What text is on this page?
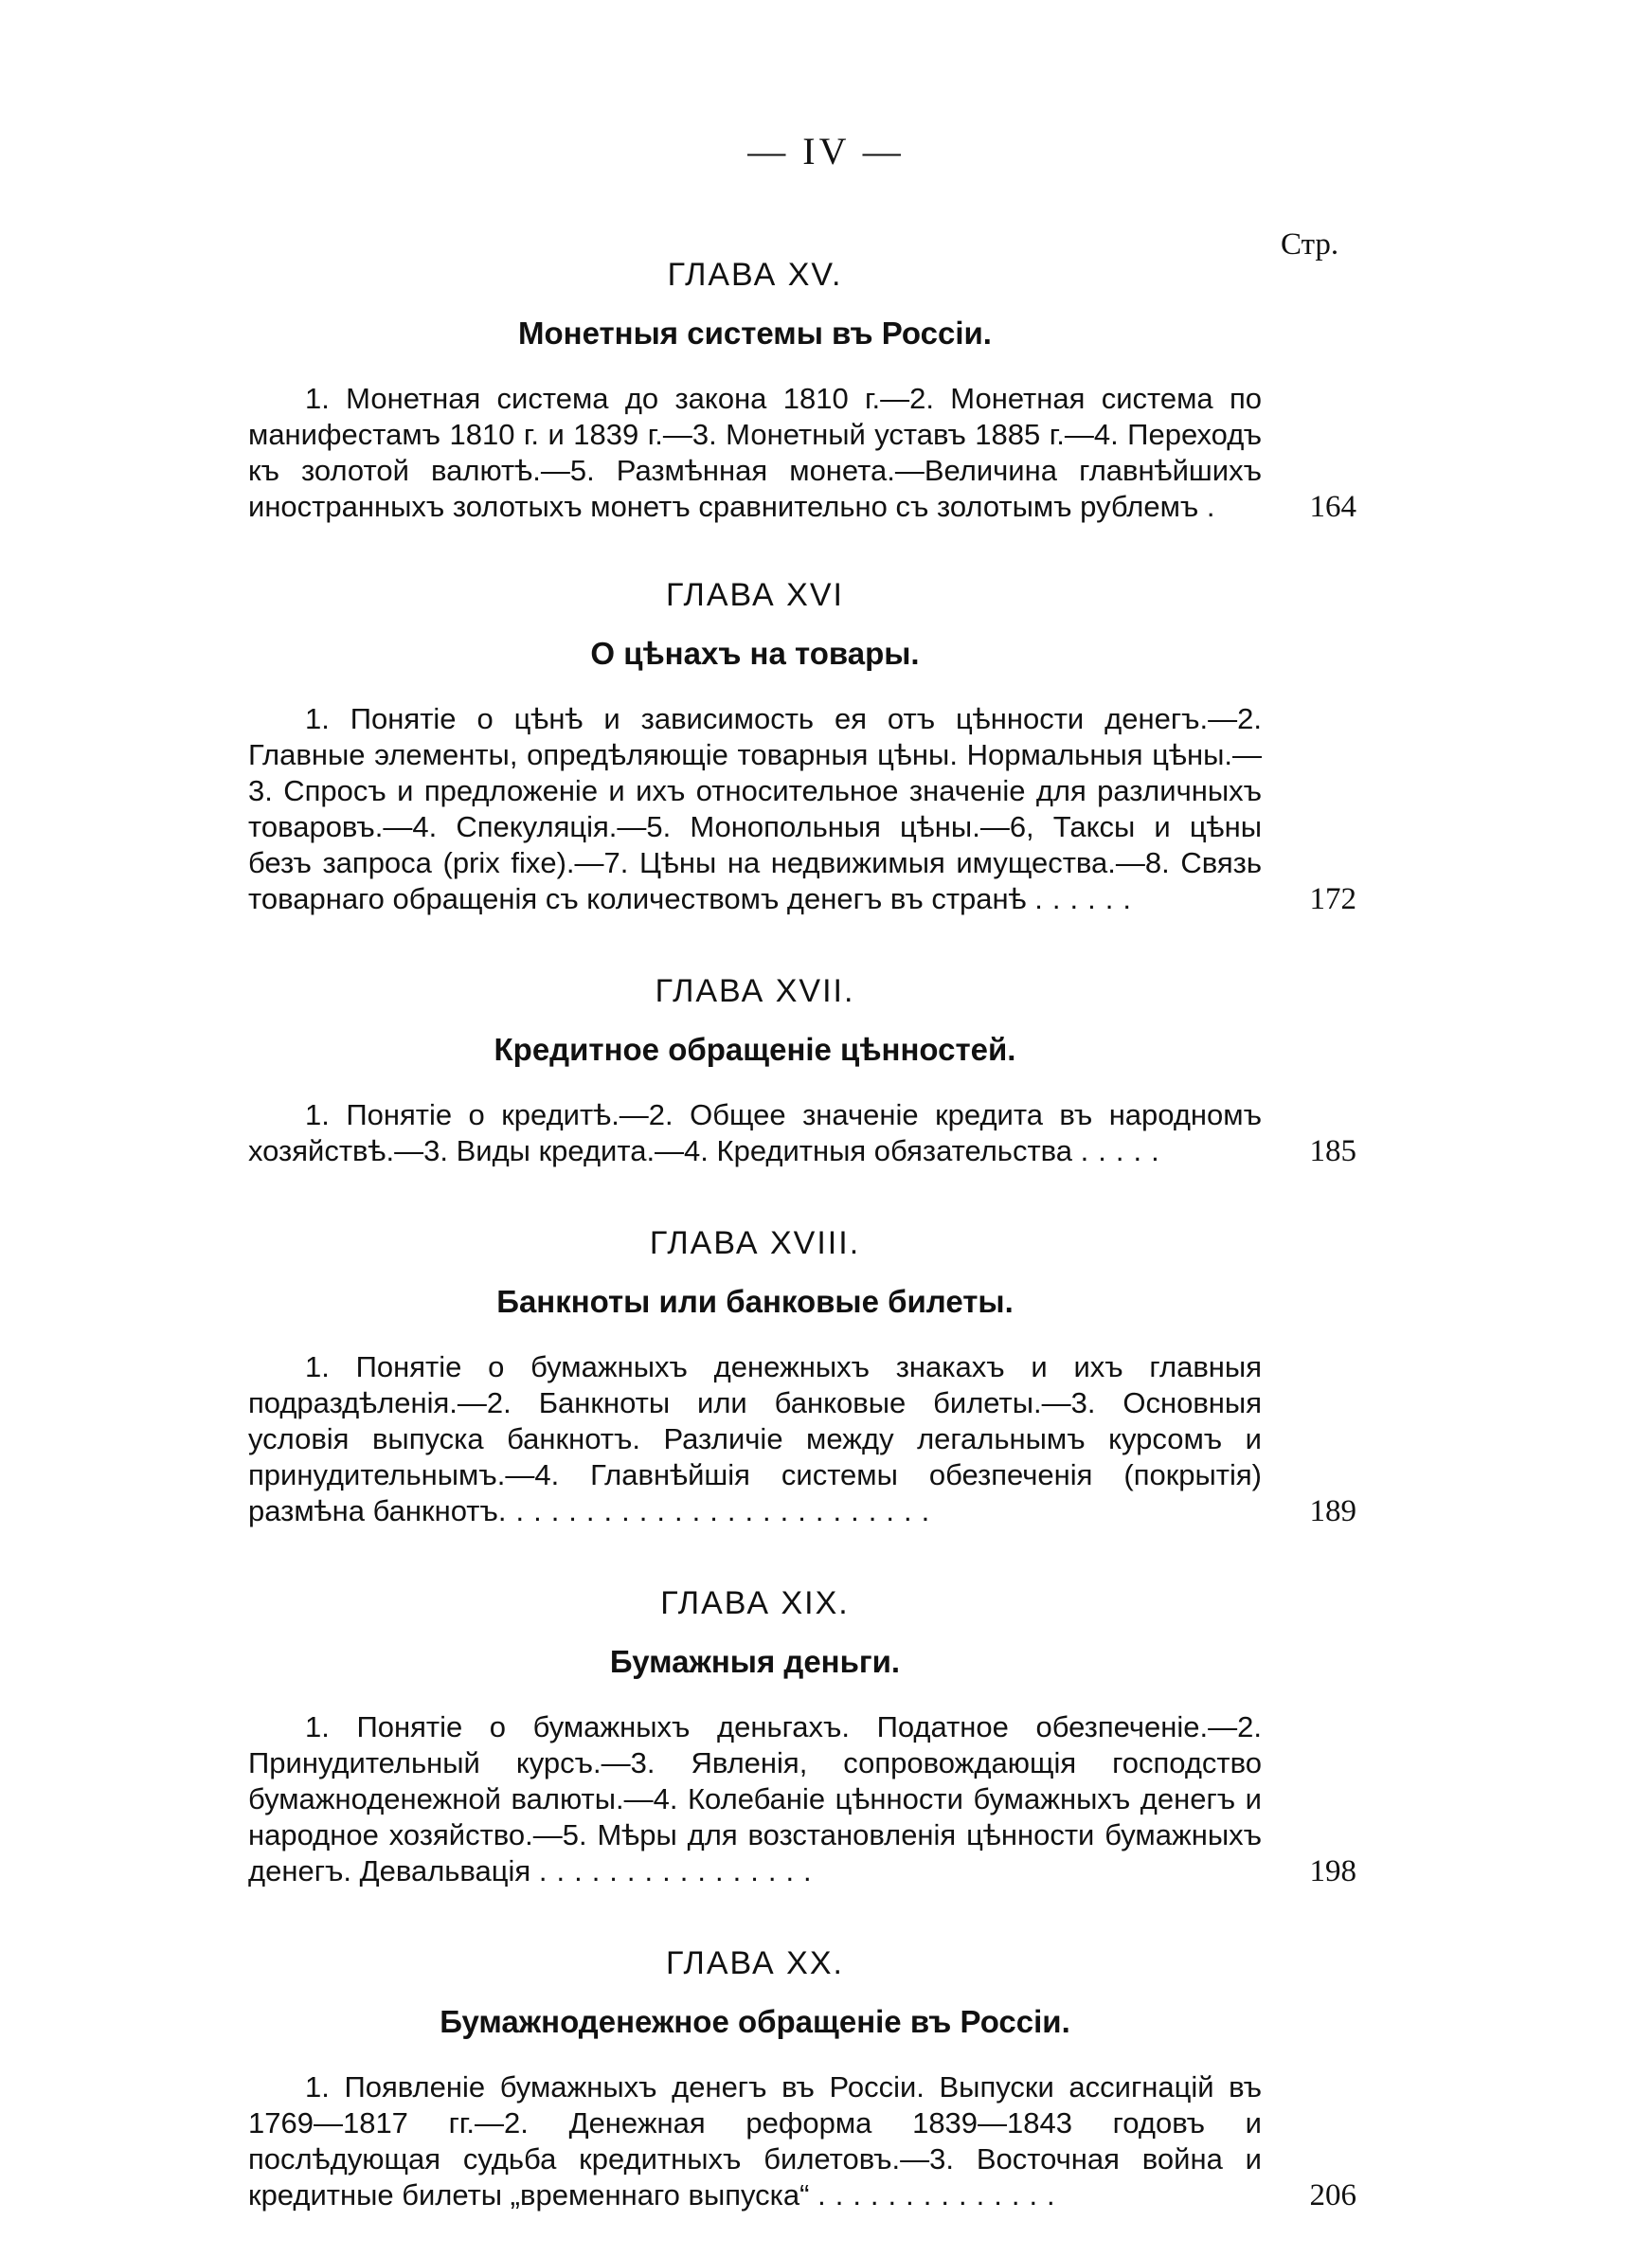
— IV —
Стр.
ГЛАВА XV.
Монетныя системы въ Россіи.
1. Монетная система до закона 1810 г.—2. Монетная система по манифестамъ 1810 г. и 1839 г.—3. Монетный уставъ 1885 г.—4. Переходъ къ золотой валютѣ.—5. Размѣнная монета.—Величина главнѣйшихъ иностранныхъ золотыхъ монетъ сравнительно съ золотымъ рублемъ .	164
ГЛАВА XVI
О цѣнахъ на товары.
1. Понятіе о цѣнѣ и зависимость ея отъ цѣнности денегъ.—2. Главные элементы, опредѣляющіе товарныя цѣны. Нормальныя цѣны.—3. Спросъ и предложеніе и ихъ относительное значеніе для различныхъ товаровъ.—4. Спекуляція.—5. Монопольныя цѣны.—6, Таксы и цѣны безъ запроса (prix fixe).—7. Цѣны на недвижимыя имущества.—8. Связь товарнаго обращенія съ количествомъ денегъ въ странѣ ......	172
ГЛАВА XVII.
Кредитное обращеніе цѣнностей.
1. Понятіе о кредитѣ.—2. Общее значеніе кредита въ народномъ хозяйствѣ.—3. Виды кредита.—4. Кредитныя обязательства .....	185
ГЛАВА XVIII.
Банкноты или банковые билеты.
1. Понятіе о бумажныхъ денежныхъ знакахъ и ихъ главныя подраздѣленія.—2. Банкноты или банковые билеты.—3. Основныя условія выпуска банкнотъ. Различіе между легальнымъ курсомъ и принудительнымъ.—4. Главнѣйшія системы обезпеченія (покрытія) размѣна банкнотъ.........................	189
ГЛАВА XIX.
Бумажныя деньги.
1. Понятіе о бумажныхъ деньгахъ. Податное обезпеченіе.—2. Принудительный курсъ.—3. Явленія, сопровождающія господство бумажноденежной валюты.—4. Колебаніе цѣнности бумажныхъ денегъ и народное хозяйство.—5. Мѣры для возстановленія цѣнности бумажныхъ денегъ. Девальвація ................	198
ГЛАВА XX.
Бумажноденежное обращеніе въ Россіи.
1. Появленіе бумажныхъ денегъ въ Россіи. Выпуски ассигнацій въ 1769—1817 гг.—2. Денежная реформа 1839—1843 годовъ и послѣдующая судьба кредитныхъ билетовъ.—3. Восточная война и кредитные билеты „временнаго выпуска“ ..............	206
